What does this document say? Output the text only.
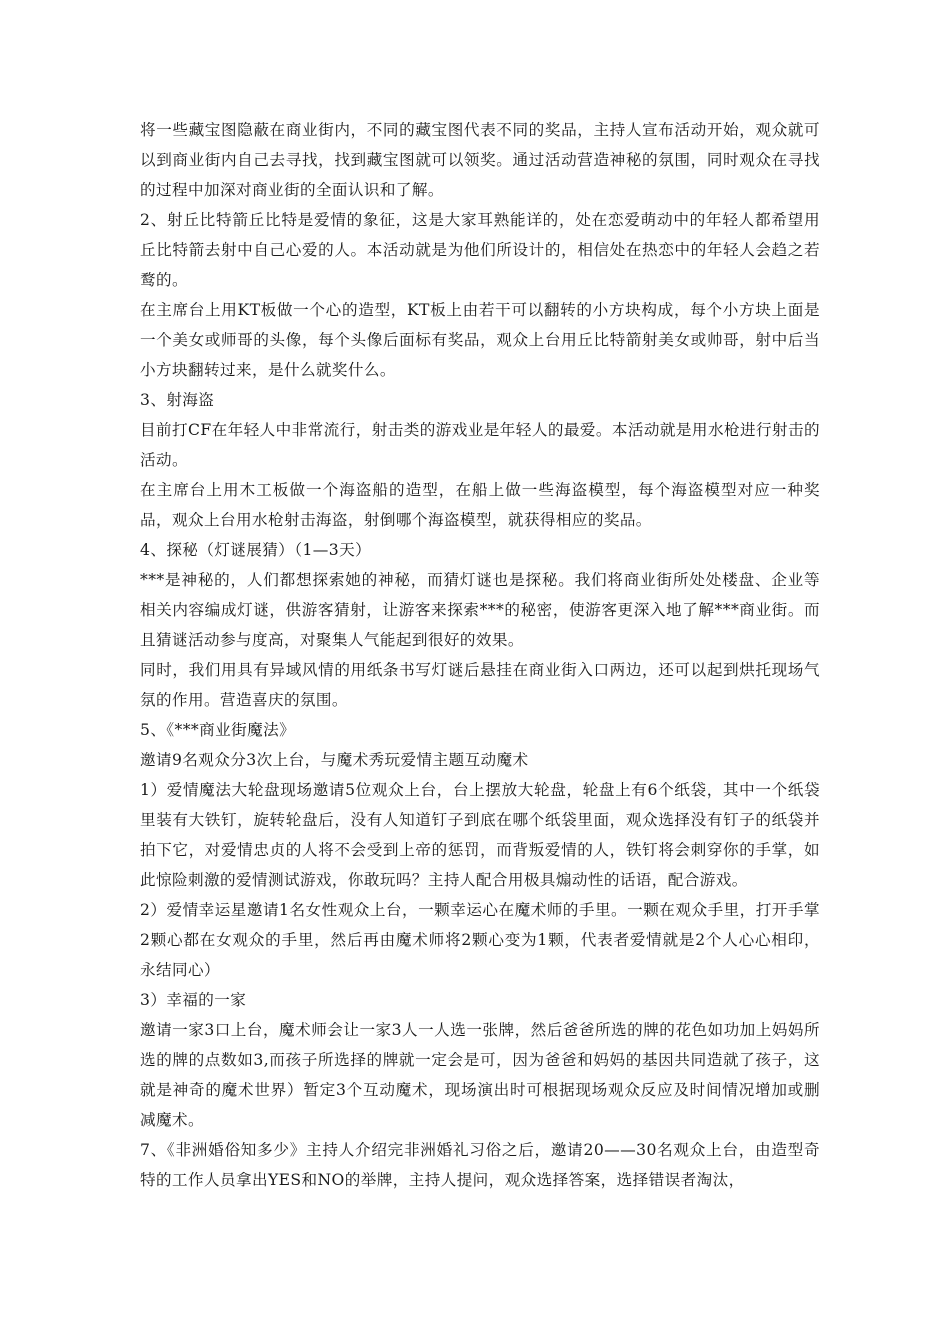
将一些藏宝图隐蔽在商业街内，不同的藏宝图代表不同的奖品，主持人宣布活动开始，观众就可以到商业街内自己去寻找，找到藏宝图就可以领奖。通过活动营造神秘的氛围，同时观众在寻找的过程中加深对商业街的全面认识和了解。

2、射丘比特箭丘比特是爱情的象征，这是大家耳熟能详的，处在恋爱萌动中的年轻人都希望用丘比特箭去射中自己心爱的人。本活动就是为他们所设计的，相信处在热恋中的年轻人会趋之若鹜的。

在主席台上用KT板做一个心的造型，KT板上由若干可以翻转的小方块构成，每个小方块上面是一个美女或师哥的头像，每个头像后面标有奖品，观众上台用丘比特箭射美女或帅哥，射中后当小方块翻转过来，是什么就奖什么。

3、射海盗

目前打CF在年轻人中非常流行，射击类的游戏业是年轻人的最爱。本活动就是用水枪进行射击的活动。

在主席台上用木工板做一个海盗船的造型，在船上做一些海盗模型，每个海盗模型对应一种奖品，观众上台用水枪射击海盗，射倒哪个海盗模型，就获得相应的奖品。

4、探秘（灯谜展猜）（1—3天）

***是神秘的，人们都想探索她的神秘，而猜灯谜也是探秘。我们将商业街所处处楼盘、企业等相关内容编成灯谜，供游客猜射，让游客来探索***的秘密，使游客更深入地了解***商业街。而且猜谜活动参与度高，对聚集人气能起到很好的效果。

同时，我们用具有异域风情的用纸条书写灯谜后悬挂在商业街入口两边，还可以起到烘托现场气氛的作用。营造喜庆的氛围。

5、《***商业街魔法》

邀请9名观众分3次上台，与魔术秀玩爱情主题互动魔术

1）爱情魔法大轮盘现场邀请5位观众上台，台上摆放大轮盘，轮盘上有6个纸袋，其中一个纸袋里装有大铁钉，旋转轮盘后，没有人知道钉子到底在哪个纸袋里面，观众选择没有钉子的纸袋并拍下它，对爱情忠贞的人将不会受到上帝的惩罚，而背叛爱情的人，铁钉将会刺穿你的手掌，如此惊险刺激的爱情测试游戏，你敢玩吗？主持人配合用极具煽动性的话语，配合游戏。

2）爱情幸运星邀请1名女性观众上台，一颗幸运心在魔术师的手里。一颗在观众手里，打开手掌2颗心都在女观众的手里，然后再由魔术师将2颗心变为1颗，代表者爱情就是2个人心心相印，永结同心）

3）幸福的一家

邀请一家3口上台，魔术师会让一家3人一人选一张牌，然后爸爸所选的牌的花色如功加上妈妈所选的牌的点数如3,而孩子所选择的牌就一定会是可，因为爸爸和妈妈的基因共同造就了孩子，这就是神奇的魔术世界）暂定3个互动魔术，现场演出时可根据现场观众反应及时间情况增加或删减魔术。

7、《非洲婚俗知多少》主持人介绍完非洲婚礼习俗之后，邀请20——30名观众上台，由造型奇特的工作人员拿出YES和NO的举牌，主持人提问，观众选择答案，选择错误者淘汰，
